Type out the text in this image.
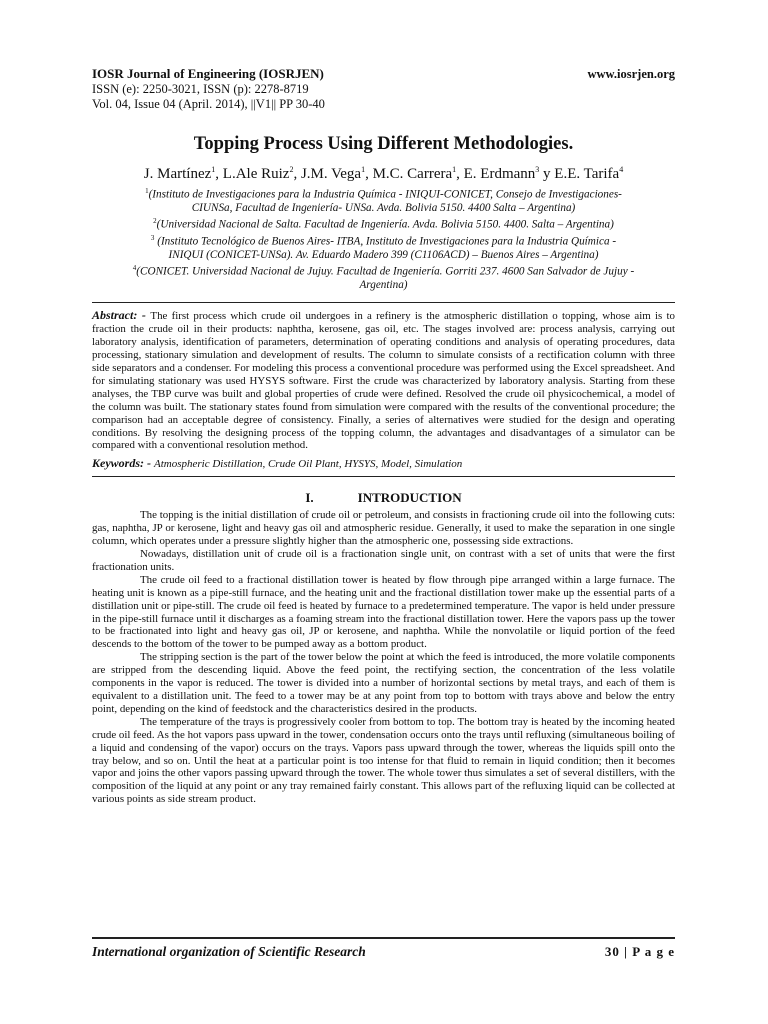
IOSR Journal of Engineering (IOSRJEN)	www.iosrjen.org
ISSN (e): 2250-3021, ISSN (p): 2278-8719
Vol. 04, Issue 04 (April. 2014), ||V1|| PP 30-40
Topping Process Using Different Methodologies.
J. Martínez$^1$, L.Ale Ruiz$^2$, J.M. Vega$^1$, M.C. Carrera$^1$, E. Erdmann$^3$ y E.E. Tarifa$^4$
$^1$(Instituto de Investigaciones para la Industria Química - INIQUI-CONICET, Consejo de Investigaciones-
CIUNSa, Facultad de Ingeniería- UNSa. Avda. Bolivia 5150. 4400 Salta – Argentina)
$^2$(Universidad Nacional de Salta. Facultad de Ingeniería. Avda. Bolivia 5150. 4400. Salta – Argentina)
$^3$ (Instituto Tecnológico de Buenos Aires- ITBA, Instituto de Investigaciones para la Industria Química -
INIQUI (CONICET-UNSa). Av. Eduardo Madero 399 (C1106ACD) – Buenos Aires – Argentina)
$^4$(CONICET. Universidad Nacional de Jujuy. Facultad de Ingeniería. Gorriti 237. 4600 San Salvador de Jujuy -
Argentina)
Abstract: - The first process which crude oil undergoes in a refinery is the atmospheric distillation o topping, whose aim is to fraction the crude oil in their products: naphtha, kerosene, gas oil, etc. The stages involved are: process analysis, carrying out laboratory analysis, identification of parameters, determination of operating conditions and analysis of operating procedures, data processing, stationary simulation and development of results. The column to simulate consists of a rectification column with three side separators and a condenser. For modeling this process a conventional procedure was performed using the Excel spreadsheet. And for simulating stationary was used HYSYS software. First the crude was characterized by laboratory analysis. Starting from these analyses, the TBP curve was built and global properties of crude were defined. Resolved the crude oil physicochemical, a model of the column was built. The stationary states found from simulation were compared with the results of the conventional procedure; the comparison had an acceptable degree of consistency. Finally, a series of alternatives were studied for the design and operating conditions. By resolving the designing process of the topping column, the advantages and disadvantages of a simulator can be compared with a conventional resolution method.
Keywords: - Atmospheric Distillation, Crude Oil Plant, HYSYS, Model, Simulation
I.	INTRODUCTION

The topping is the initial distillation of crude oil or petroleum, and consists in fractioning crude oil into the following cuts: gas, naphtha, JP or kerosene, light and heavy gas oil and atmospheric residue. Generally, it used to make the separation in one single column, which operates under a pressure slightly higher than the atmospheric one, possessing side extractions.

Nowadays, distillation unit of crude oil is a fractionation single unit, on contrast with a set of units that were the first fractionation units.

The crude oil feed to a fractional distillation tower is heated by flow through pipe arranged within a large furnace. The heating unit is known as a pipe-still furnace, and the heating unit and the fractional distillation tower make up the essential parts of a distillation unit or pipe-still. The crude oil feed is heated by furnace to a predetermined temperature. The vapor is held under pressure in the pipe-still furnace until it discharges as a foaming stream into the fractional distillation tower. Here the vapors pass up the tower to be fractionated into light and heavy gas oil, JP or kerosene, and naphtha. While the nonvolatile or liquid portion of the feed descends to the bottom of the tower to be pumped away as a bottom product.

The stripping section is the part of the tower below the point at which the feed is introduced, the more volatile components are stripped from the descending liquid. Above the feed point, the rectifying section, the concentration of the less volatile components in the vapor is reduced. The tower is divided into a number of horizontal sections by metal trays, and each of them is equivalent to a distillation unit. The feed to a tower may be at any point from top to bottom with trays above and below the entry point, depending on the kind of feedstock and the characteristics desired in the products.

The temperature of the trays is progressively cooler from bottom to top. The bottom tray is heated by the incoming heated crude oil feed. As the hot vapors pass upward in the tower, condensation occurs onto the trays until refluxing (simultaneous boiling of a liquid and condensing of the vapor) occurs on the trays. Vapors pass upward through the tower, whereas the liquids spill onto the tray below, and so on. Until the heat at a particular point is too intense for that fluid to remain in liquid condition; then it becomes vapor and joins the other vapors passing upward through the tower. The whole tower thus simulates a set of several distillers, with the composition of the liquid at any point or any tray remained fairly constant. This allows part of the refluxing liquid can be collected at various points as side stream product.

International organization of Scientific Research	30 | P a g e
